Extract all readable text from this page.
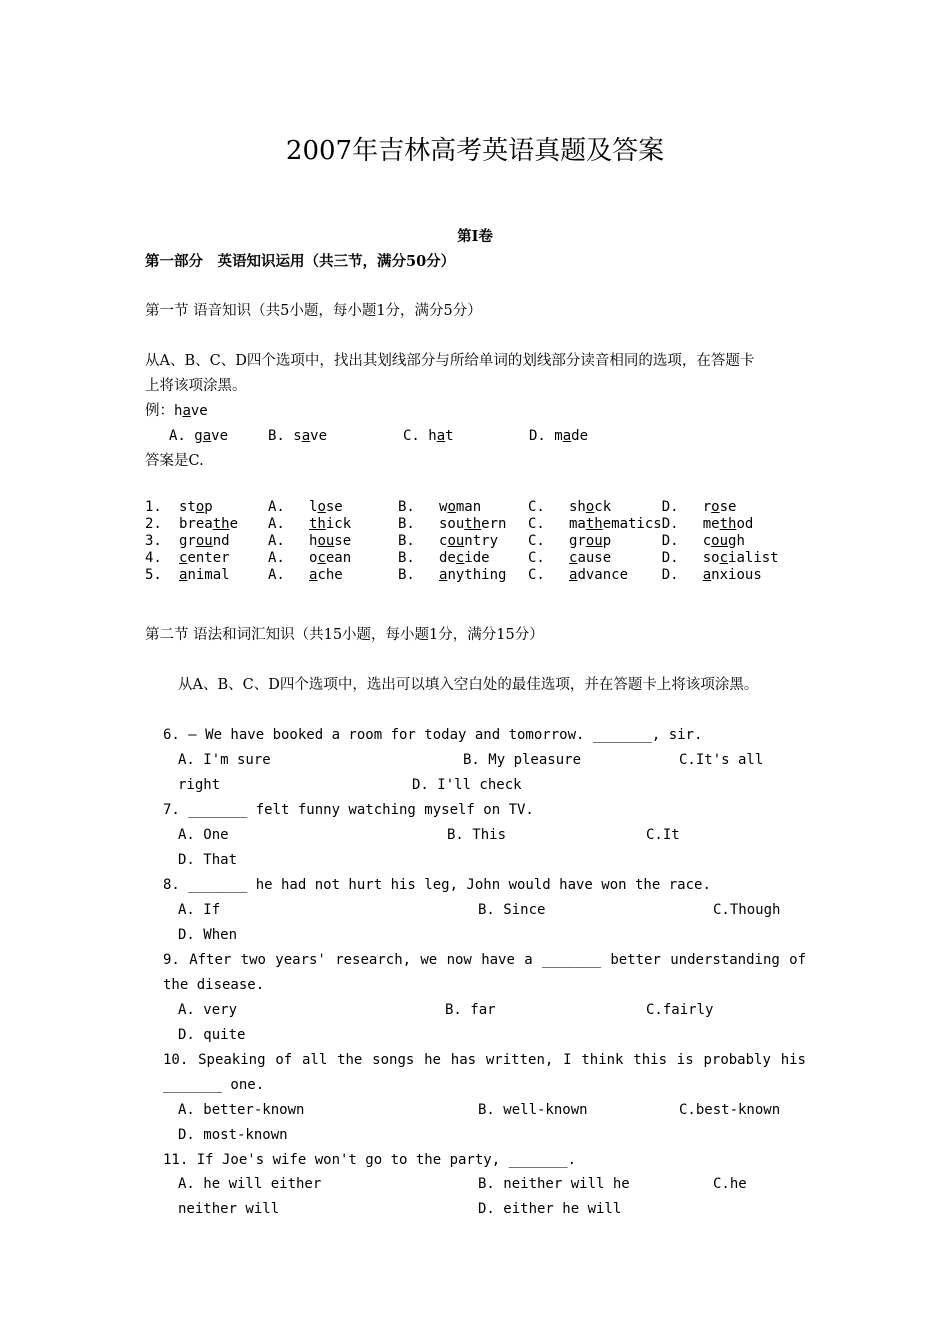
2007年吉林高考英语真题及答案
第Ⅰ卷
第一部分　英语知识运用（共三节，满分50分）
第一节 语音知识（共5小题，每小题1分，满分5分）
从A、B、C、D四个选项中，找出其划线部分与所给单词的划线部分读音相同的选项，在答题卡
上将该项涂黑。
例：have
A. gave	B. save	C. hat	D. made
答案是C.
1.	stop	A.	lose	B.	woman	C.	shock	D.	rose
2.	breathe	A.	thick	B.	southern	C.	mathematics	D.	method
3.	ground	A.	house	B.	country	C.	group	D.	cough
4.	center	A.	ocean	B.	decide	C.	cause	D.	socialist
5.	animal	A.	ache	B.	anything	C.	advance	D.	anxious
第二节 语法和词汇知识（共15小题，每小题1分，满分15分）
从A、B、C、D四个选项中，选出可以填入空白处的最佳选项，并在答题卡上将该项涂黑。
6. — We have booked a room for today and tomorrow. _______, sir.
A. I'm sure	B. My pleasure	C.It's all
right	D. I'll check
7. _______ felt funny watching myself on TV.
A. One	B. This	C.It
D. That
8. _______ he had not hurt his leg, John would have won the race.
A. If	B. Since	C.Though
D. When
9. After two years' research, we now have a _______ better understanding of
the disease.
A. very	B. far	C.fairly
D. quite
10. Speaking of all the songs he has written, I think this is probably his
_______ one.
A. better-known	B. well-known	C.best-known
D. most-known
11. If Joe's wife won't go to the party, _______.
A. he will either	B. neither will he	C.he
neither will	D. either he will
